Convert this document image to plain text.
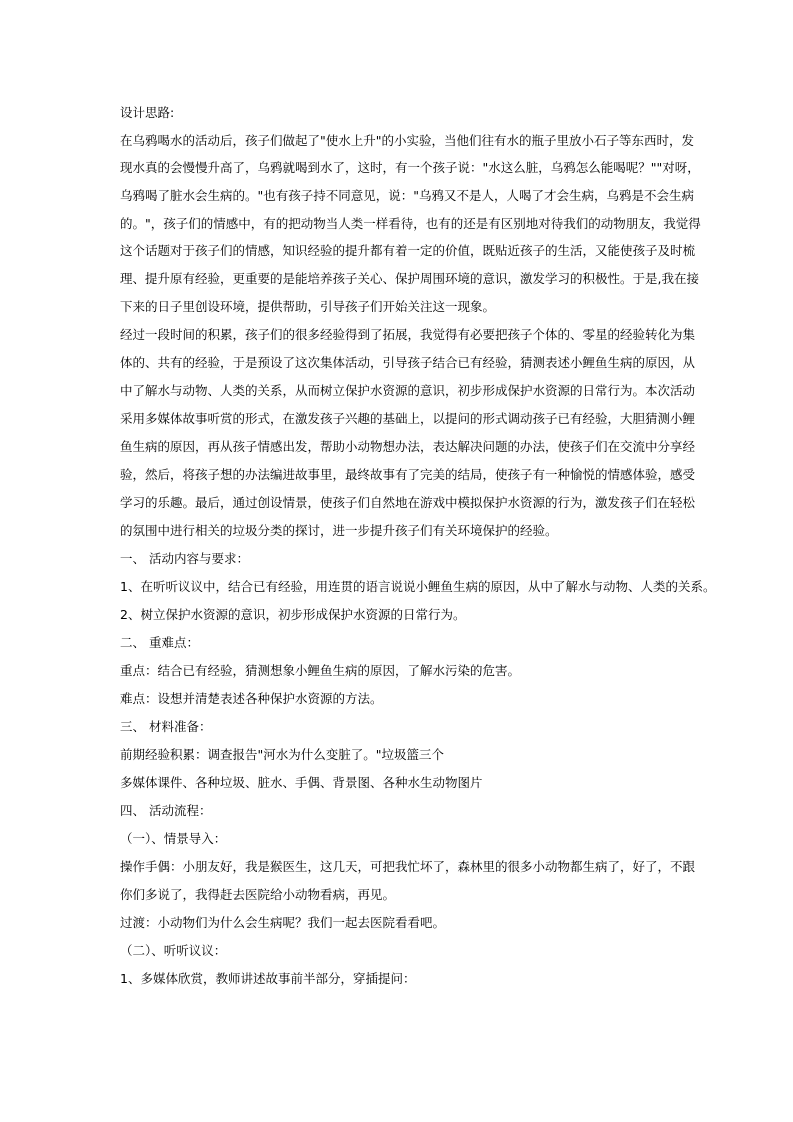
设计思路:
在乌鸦喝水的活动后，孩子们做起了"使水上升"的小实验，当他们往有水的瓶子里放小石子等东西时，发
现水真的会慢慢升高了，乌鸦就喝到水了，这时，有一个孩子说："水这么脏，乌鸦怎么能喝呢？""对呀，
乌鸦喝了脏水会生病的。"也有孩子持不同意见，说："乌鸦又不是人，人喝了才会生病，乌鸦是不会生病
的。"，孩子们的情感中，有的把动物当人类一样看待，也有的还是有区别地对待我们的动物朋友，我觉得
这个话题对于孩子们的情感，知识经验的提升都有着一定的价值，既贴近孩子的生活，又能使孩子及时梳
理、提升原有经验，更重要的是能培养孩子关心、保护周围环境的意识，激发学习的积极性。于是,我在接
下来的日子里创设环境，提供帮助，引导孩子们开始关注这一现象。
经过一段时间的积累，孩子们的很多经验得到了拓展，我觉得有必要把孩子个体的、零星的经验转化为集
体的、共有的经验，于是预设了这次集体活动，引导孩子结合已有经验，猜测表述小鲤鱼生病的原因，从
中了解水与动物、人类的关系，从而树立保护水资源的意识，初步形成保护水资源的日常行为。本次活动
采用多媒体故事听赏的形式，在激发孩子兴趣的基础上，以提问的形式调动孩子已有经验，大胆猜测小鲤
鱼生病的原因，再从孩子情感出发，帮助小动物想办法，表达解决问题的办法，使孩子们在交流中分享经
验，然后，将孩子想的办法编进故事里，最终故事有了完美的结局，使孩子有一种愉悦的情感体验，感受
学习的乐趣。最后，通过创设情景，使孩子们自然地在游戏中模拟保护水资源的行为，激发孩子们在轻松
的氛围中进行相关的垃圾分类的探讨，进一步提升孩子们有关环境保护的经验。
一、 活动内容与要求：
1、在听听议议中，结合已有经验，用连贯的语言说说小鲤鱼生病的原因，从中了解水与动物、人类的关系。
2、树立保护水资源的意识，初步形成保护水资源的日常行为。
二、 重难点：
重点：结合已有经验，猜测想象小鲤鱼生病的原因，了解水污染的危害。
难点：设想并清楚表述各种保护水资源的方法。
三、 材料准备：
前期经验积累：调查报告"河水为什么变脏了。"垃圾篮三个
多媒体课件、各种垃圾、脏水、手偶、背景图、各种水生动物图片
四、 活动流程：
（一）、情景导入：
操作手偶：小朋友好，我是猴医生，这几天，可把我忙坏了，森林里的很多小动物都生病了，好了，不跟
你们多说了，我得赶去医院给小动物看病，再见。
过渡：小动物们为什么会生病呢？我们一起去医院看看吧。
（二）、听听议议：
1、多媒体欣赏，教师讲述故事前半部分，穿插提问：
